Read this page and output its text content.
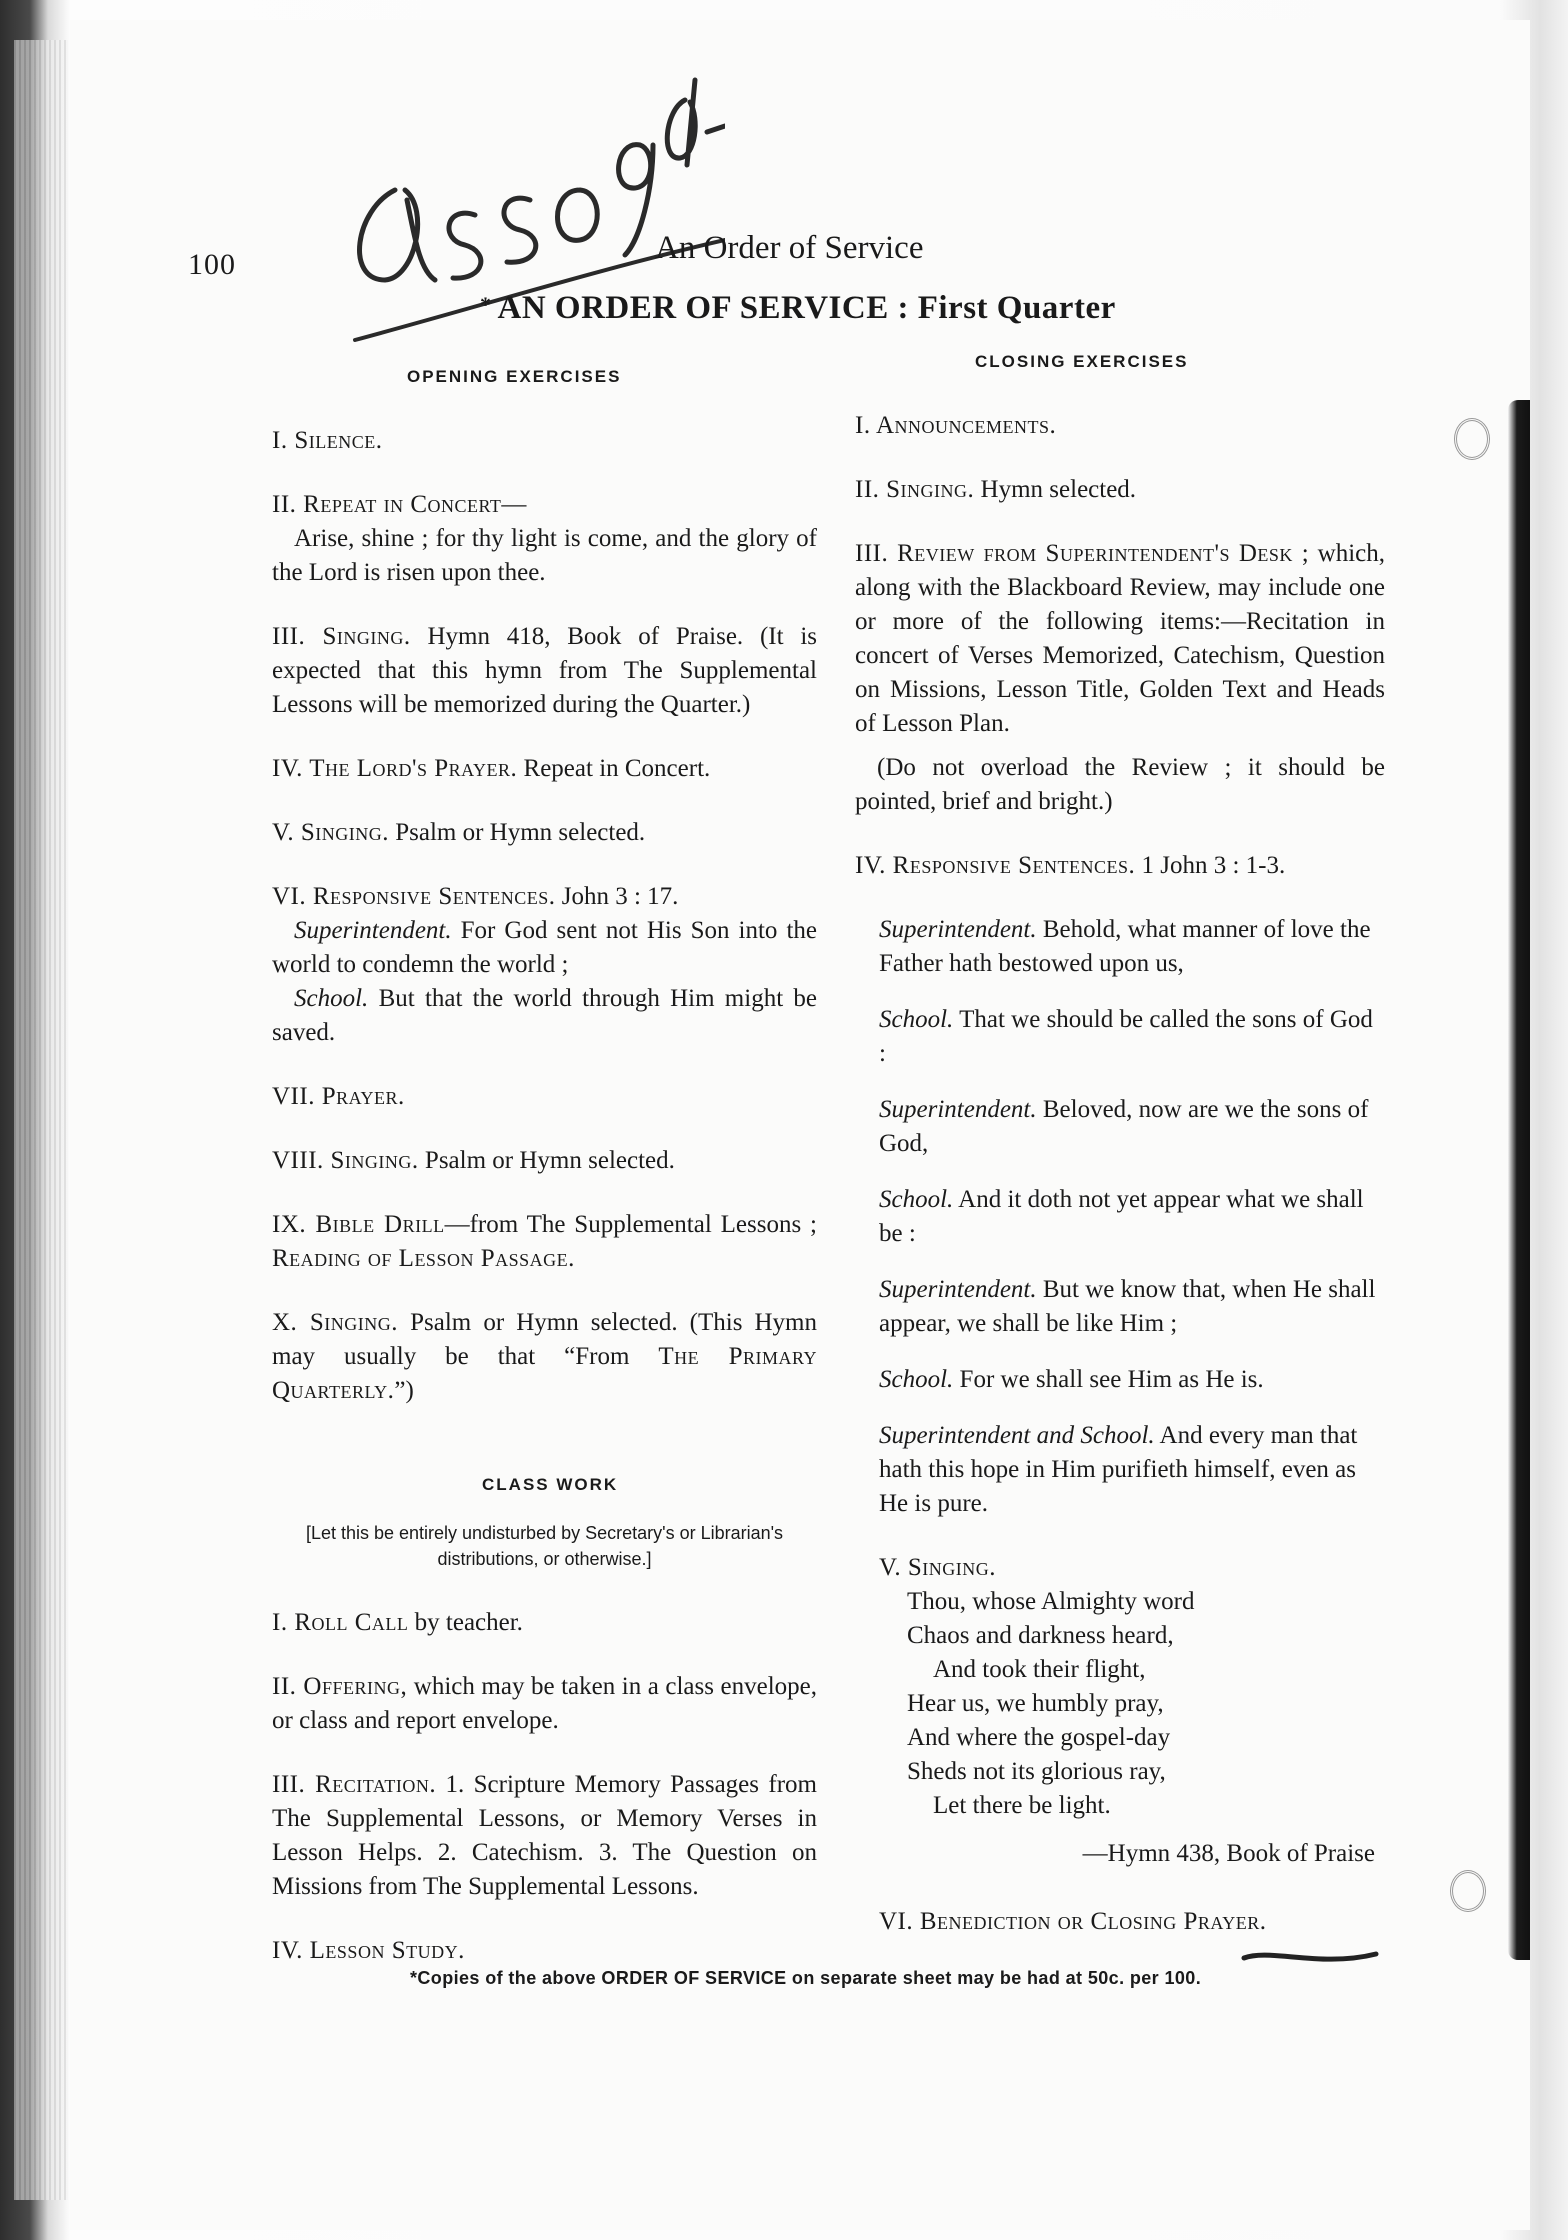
100	An Order of Service
* AN ORDER OF SERVICE : First Quarter
OPENING EXERCISES
I. Silence.
II. Repeat in Concert—
Arise, shine ; for thy light is come, and the glory of the Lord is risen upon thee.
III. Singing. Hymn 418, Book of Praise. (It is expected that this hymn from The Supplemental Lessons will be memorized during the Quarter.)
IV. The Lord's Prayer. Repeat in Concert.
V. Singing. Psalm or Hymn selected.
VI. Responsive Sentences. John 3 : 17.
Superintendent. For God sent not His Son into the world to condemn the world ;
School. But that the world through Him might be saved.
VII. Prayer.
VIII. Singing. Psalm or Hymn selected.
IX. Bible Drill—from The Supplemental Lessons ; Reading of Lesson Passage.
X. Singing. Psalm or Hymn selected. (This Hymn may usually be that “From The Primary Quarterly.”)
CLASS WORK
[Let this be entirely undisturbed by Secretary's or Librarian's distributions, or otherwise.]
I. Roll Call by teacher.
II. Offering, which may be taken in a class envelope, or class and report envelope.
III. Recitation. 1. Scripture Memory Passages from The Supplemental Lessons, or Memory Verses in Lesson Helps. 2. Catechism. 3. The Question on Missions from The Supplemental Lessons.
IV. Lesson Study.
CLOSING EXERCISES
I. Announcements.
II. Singing. Hymn selected.
III. Review from Superintendent's Desk ; which, along with the Blackboard Review, may include one or more of the following items:—Recitation in concert of Verses Memorized, Catechism, Question on Missions, Lesson Title, Golden Text and Heads of Lesson Plan.
(Do not overload the Review ; it should be pointed, brief and bright.)
IV. Responsive Sentences. 1 John 3 : 1-3.
Superintendent. Behold, what manner of love the Father hath bestowed upon us,
School. That we should be called the sons of God :
Superintendent. Beloved, now are we the sons of God,
School. And it doth not yet appear what we shall be :
Superintendent. But we know that, when He shall appear, we shall be like Him ;
School. For we shall see Him as He is.
Superintendent and School. And every man that hath this hope in Him purifieth himself, even as He is pure.
V. Singing.
Thou, whose Almighty word
Chaos and darkness heard,
And took their flight,
Hear us, we humbly pray,
And where the gospel-day
Sheds not its glorious ray,
Let there be light.
—Hymn 438, Book of Praise
VI. Benediction or Closing Prayer.
*Copies of the above ORDER OF SERVICE on separate sheet may be had at 50c. per 100.
